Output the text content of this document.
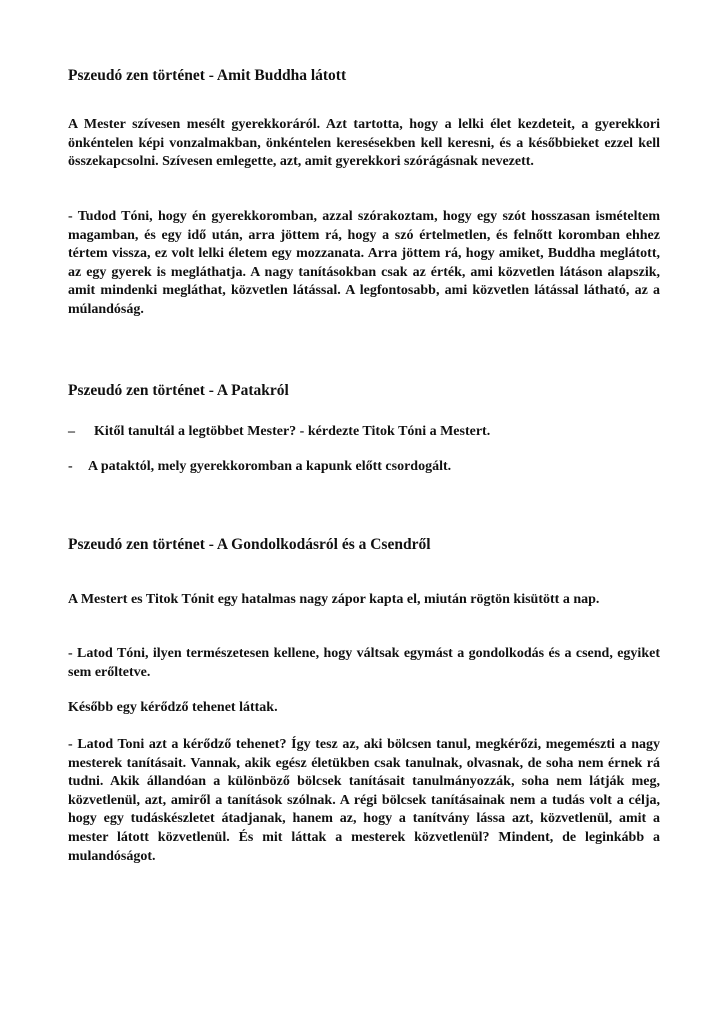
Pszeudó zen történet - Amit Buddha látott

A Mester szívesen mesélt gyerekkoráról. Azt tartotta, hogy a lelki élet kezdeteit, a gyerekkori önkéntelen képi vonzalmakban, önkéntelen keresésekben kell keresni, és a későbbieket ezzel kell összekapcsolni. Szívesen emlegette, azt, amit gyerekkori szórágásnak nevezett.

- Tudod Tóni, hogy én gyerekkoromban, azzal szórakoztam, hogy egy szót hosszasan ismételtem magamban, és egy idő után, arra jöttem rá, hogy a szó értelmetlen, és felnőtt koromban ehhez tértem vissza, ez volt lelki életem egy mozzanata. Arra jöttem rá, hogy amiket, Buddha meglátott, az egy gyerek is megláthatja. A nagy tanításokban csak az érték, ami közvetlen látáson alapszik, amit mindenki megláthat, közvetlen látással. A legfontosabb, ami közvetlen látással látható, az a múlandóság.

Pszeudó zen történet - A Patakról
–	Kitől tanultál a legtöbbet Mester? - kérdezte Titok Tóni a Mestert.
-	A pataktól, mely gyerekkoromban a kapunk előtt csordogált.
Pszeudó zen történet - A Gondolkodásról és a Csendről

A Mestert es Titok Tónit egy hatalmas nagy zápor kapta el, miután rögtön kisütött a nap.

- Latod Tóni, ilyen természetesen kellene, hogy váltsak egymást a gondolkodás és a csend, egyiket sem erőltetve.

Később egy kérődző tehenet láttak.

- Latod Toni azt a kérődző tehenet? Így tesz az, aki bölcsen tanul, megkérőzi, megemészti a nagy mesterek tanításait. Vannak, akik egész életükben csak tanulnak, olvasnak, de soha nem érnek rá tudni. Akik állandóan a különböző bölcsek tanításait tanulmányozzák, soha nem látják meg, közvetlenül, azt, amiről a tanítások szólnak. A régi bölcsek tanításainak nem a tudás volt a célja, hogy egy tudáskészletet átadjanak, hanem az, hogy a tanítvány lássa azt, közvetlenül, amit a mester látott közvetlenül. És mit láttak a mesterek közvetlenül? Mindent, de leginkább a mulandóságot.
